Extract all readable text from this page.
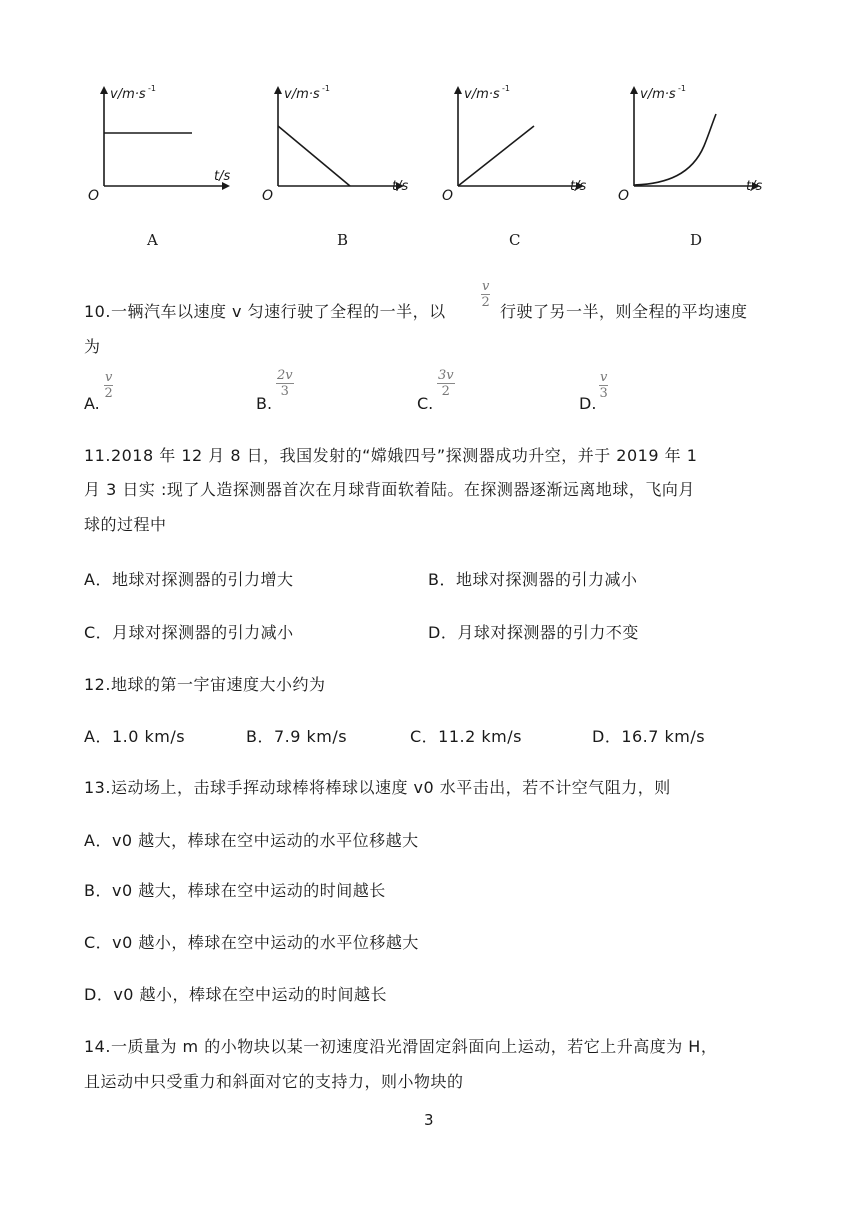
v/m·s -1
t/s
O
v/m·s -1
t/s
O
v/m·s -1
t/s
O
v/m·s -1
t/s
O
A	B	C	D
10.一辆汽车以速度 v 匀速行驶了全程的一半，以
v
2 行驶了另一半，则全程的平均速度
为
A.
v
2
B.
2v
3
C.
3v
2
D.
v
3
11.2018 年 12 月 8 日，我国发射的“嫦娥四号”探测器成功升空，并于 2019 年 1
月 3 日实 :现了人造探测器首次在月球背面软着陆。在探测器逐渐远离地球，飞向月
球的过程中
A．地球对探测器的引力增大	B．地球对探测器的引力减小
C．月球对探测器的引力减小	D．月球对探测器的引力不变
12.地球的第一宇宙速度大小约为
A．1.0 km/s	B．7.9 km/s	C．11.2 km/s	D．16.7 km/s
13.运动场上，击球手挥动球棒将棒球以速度 v0 水平击出，若不计空气阻力，则
A．v0 越大，棒球在空中运动的水平位移越大
B．v0 越大，棒球在空中运动的时间越长
C．v0 越小，棒球在空中运动的水平位移越大
D．v0 越小，棒球在空中运动的时间越长
14.一质量为 m 的小物块以某一初速度沿光滑固定斜面向上运动，若它上升高度为 H，
且运动中只受重力和斜面对它的支持力，则小物块的
3
